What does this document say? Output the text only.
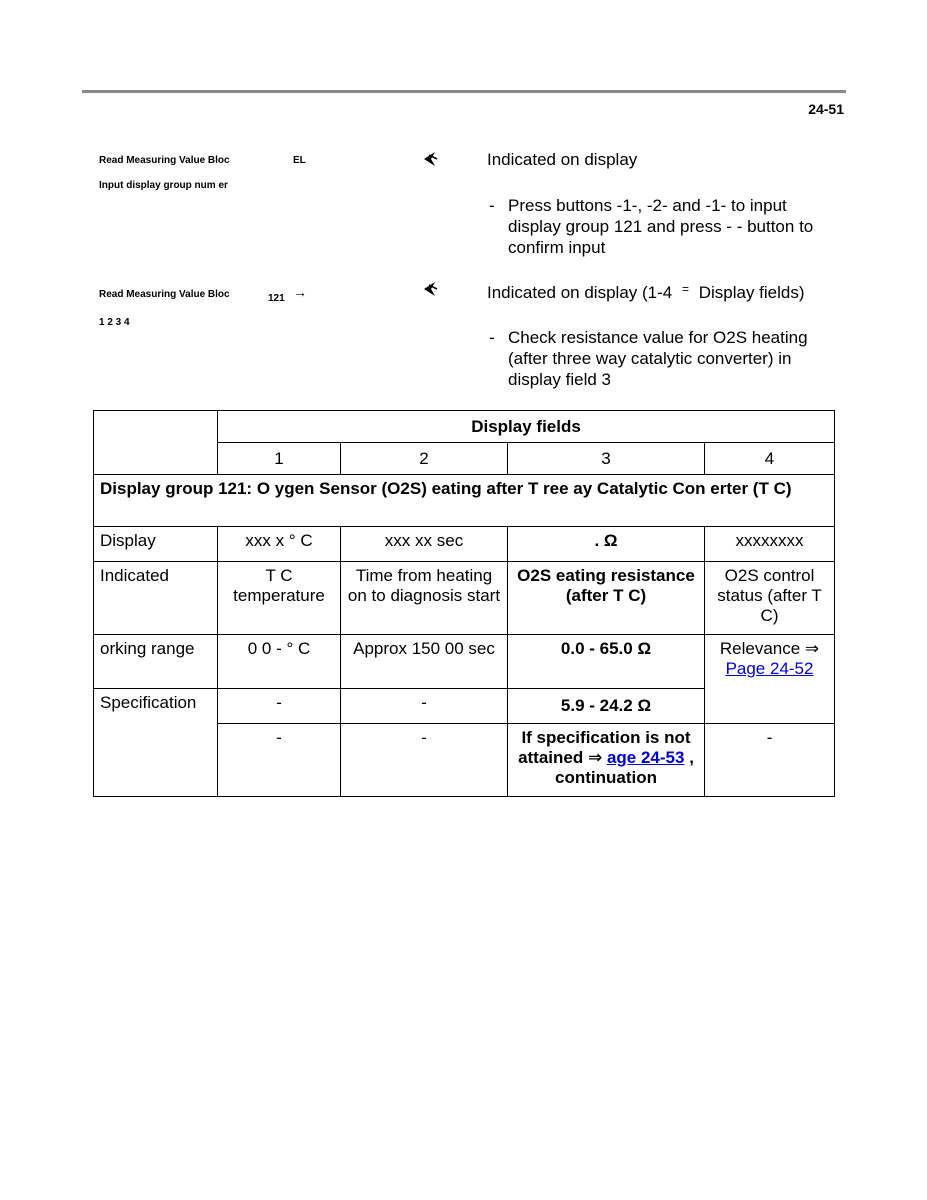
24-51
Read Measuring Value Bloc	EL
Input display group num er
Indicated on display
- Press buttons -1-, -2- and -1- to input display group 121 and press - - button to confirm input
Read Measuring Value Bloc	121 →
1 2 3 4
Indicated on display (1-4 = Display fields)
- Check resistance value for O2S heating (after three way catalytic converter) in display field 3
	Display fields			
	1	2	3	4
Display group 121: O ygen Sensor (O2S) eating after T ree ay Catalytic Con erter (T C)				
Display	xxx x ° C	xxx xx sec	. Ω	xxxxxxxx
Indicated	T C temperature	Time from heating on to diagnosis start	O2S eating resistance (after T C)	O2S control status (after T C)
orking range	0 0 - ° C	Approx 150 00 sec	0.0 - 65.0 Ω	Relevance ⇒
Page 24-52
Specification	-	-	5.9 - 24.2 Ω	
	-	-	If specification is not attained ⇒ age 24-53 , continuation	-
